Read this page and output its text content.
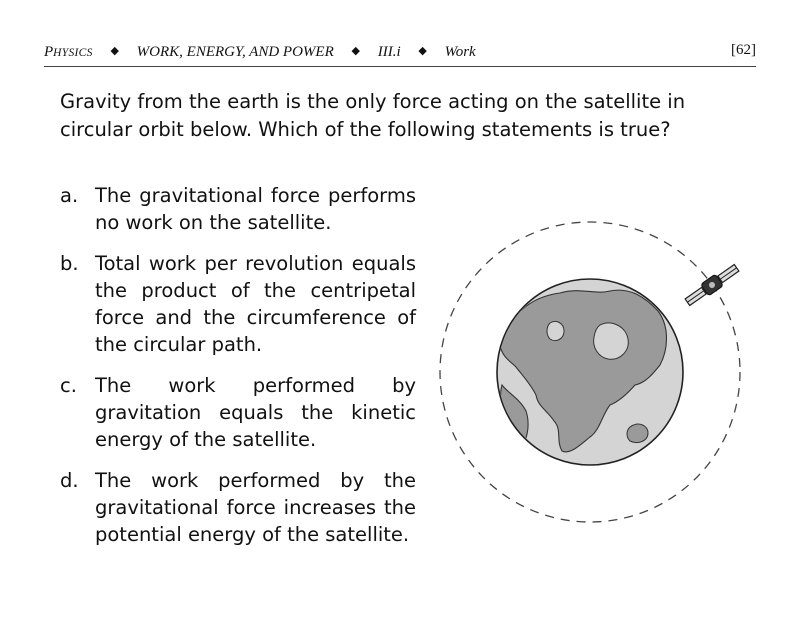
PHYSICS ◆ WORK, ENERGY, AND POWER ◆ III.i ◆ Work	[62]

Gravity from the earth is the only force acting on the satellite in circular orbit below. Which of the following statements is true?

a. The gravitational force performs no work on the satellite.
b. Total work per revolution equals the product of the centripetal force and the circumference of the circular path.
c. The work performed by gravitation equals the kinetic energy of the satellite.
d. The work performed by the gravitational force increases the potential energy of the satellite.
